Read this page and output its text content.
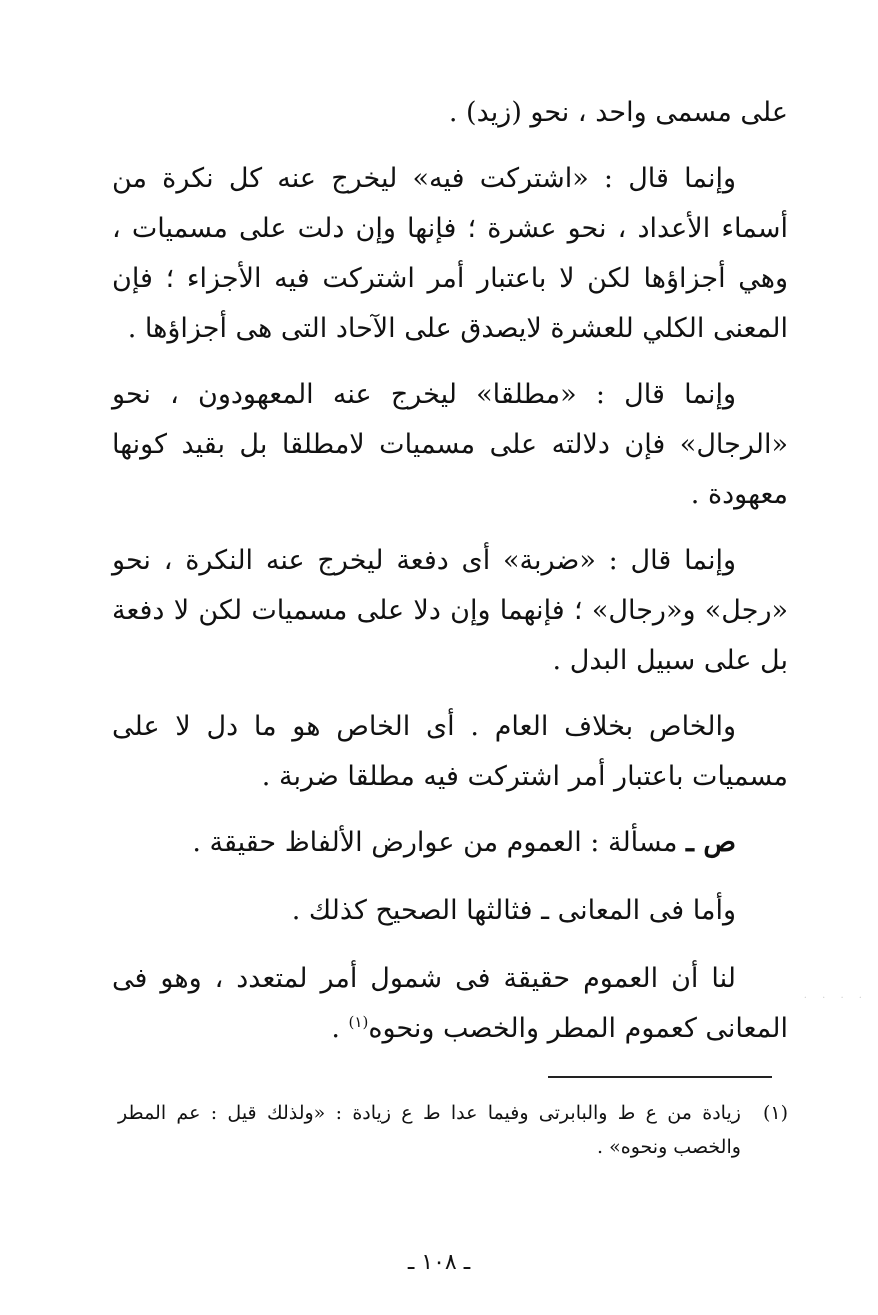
على مسمى واحد ، نحو (زيد) .

وإنما قال : «اشتركت فيه» ليخرج عنه كل نكرة من أسماء الأعداد ، نحو عشرة ؛ فإنها وإن دلت على مسميات ، وهي أجزاؤها لكن لا باعتبار أمر اشتركت فيه الأجزاء ؛ فإن المعنى الكلي للعشرة لايصدق على الآحاد التى هى أجزاؤها .

وإنما قال : «مطلقا» ليخرج عنه المعهودون ، نحو «الرجال» فإن دلالته على مسميات لامطلقا بل بقيد كونها معهودة .

وإنما قال : «ضربة» أى دفعة ليخرج عنه النكرة ، نحو «رجل» و«رجال» ؛ فإنهما وإن دلا على مسميات لكن لا دفعة بل على سبيل البدل .

والخاص بخلاف العام . أى الخاص هو ما دل لا على مسميات باعتبار أمر اشتركت فيه مطلقا ضربة .

ص ـ مسألة : العموم من عوارض الألفاظ حقيقة .

وأما فى المعانى ـ فثالثها الصحيح كذلك .

لنا أن العموم حقيقة فى شمول أمر لمتعدد ، وهو فى المعانى كعموم المطر والخصب ونحوه$^{(١)}$ .

. . . .
(١)
زيادة من ع ط والبابرتى وفيما عدا ط ع زيادة : «ولذلك قيل : عم المطر والخصب ونحوه» .
ـ ١٠٨ ـ
